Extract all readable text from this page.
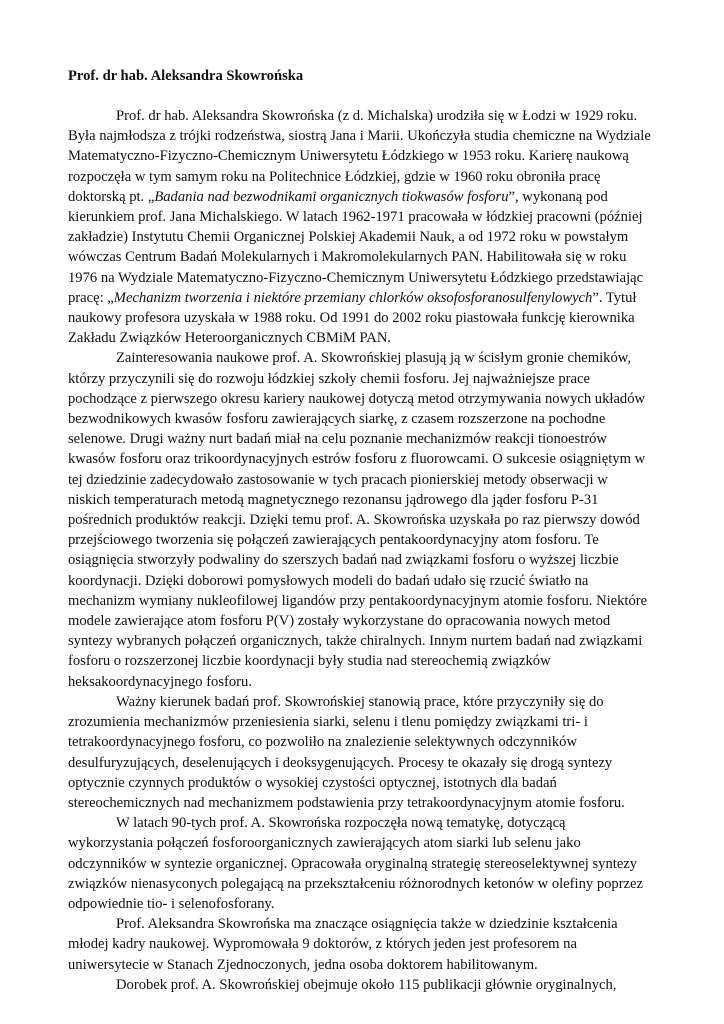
Prof. dr hab. Aleksandra Skowrońska

Prof. dr hab. Aleksandra Skowrońska (z d. Michalska) urodziła się w Łodzi w 1929 roku. Była najmłodsza z trójki rodzeństwa, siostrą Jana i Marii. Ukończyła studia chemiczne na Wydziale Matematyczno-Fizyczno-Chemicznym Uniwersytetu Łódzkiego w 1953 roku. Karierę naukową rozpoczęła w tym samym roku na Politechnice Łódzkiej, gdzie w 1960 roku obroniła pracę doktorską pt. „Badania nad bezwodnikami organicznych tiokwasów fosforu”, wykonaną pod kierunkiem prof. Jana Michalskiego. W latach 1962-1971 pracowała w łódzkiej pracowni (później zakładzie) Instytutu Chemii Organicznej Polskiej Akademii Nauk, a od 1972 roku w powstałym wówczas Centrum Badań Molekularnych i Makromolekularnych PAN. Habilitowała się w roku 1976 na Wydziale Matematyczno-Fizyczno-Chemicznym Uniwersytetu Łódzkiego przedstawiając pracę: „Mechanizm tworzenia i niektóre przemiany chlorków oksofosforanosulfenylowych”. Tytuł naukowy profesora uzyskała w 1988 roku. Od 1991 do 2002 roku piastowała funkcję kierownika Zakładu Związków Heteroorganicznych CBMiM PAN.

Zainteresowania naukowe prof. A. Skowrońskiej plasują ją w ścisłym gronie chemików, którzy przyczynili się do rozwoju łódzkiej szkoły chemii fosforu. Jej najważniejsze prace pochodzące z pierwszego okresu kariery naukowej dotyczą metod otrzymywania nowych układów bezwodnikowych kwasów fosforu zawierających siarkę, z czasem rozszerzone na pochodne selenowe. Drugi ważny nurt badań miał na celu poznanie mechanizmów reakcji tionoestrów kwasów fosforu oraz trikoordynacyjnych estrów fosforu z fluorowcami. O sukcesie osiągniętym w tej dziedzinie zadecydowało zastosowanie w tych pracach pionierskiej metody obserwacji w niskich temperaturach metodą magnetycznego rezonansu jądrowego dla jąder fosforu P-31 pośrednich produktów reakcji. Dzięki temu prof. A. Skowrońska uzyskała po raz pierwszy dowód przejściowego tworzenia się połączeń zawierających pentakoordynacyjny atom fosforu. Te osiągnięcia stworzyły podwaliny do szerszych badań nad związkami fosforu o wyższej liczbie koordynacji. Dzięki doborowi pomysłowych modeli do badań udało się rzucić światło na mechanizm wymiany nukleofilowej ligandów przy pentakoordynacyjnym atomie fosforu. Niektóre modele zawierające atom fosforu P(V) zostały wykorzystane do opracowania nowych metod syntezy wybranych połączeń organicznych, także chiralnych. Innym nurtem badań nad związkami fosforu o rozszerzonej liczbie koordynacji były studia nad stereochemią związków heksakoordynacyjnego fosforu.

Ważny kierunek badań prof. Skowrońskiej stanowią prace, które przyczyniły się do zrozumienia mechanizmów przeniesienia siarki, selenu i tlenu pomiędzy związkami tri- i tetrakoordynacyjnego fosforu, co pozwoliło na znalezienie selektywnych odczynników desulfuryzujących, deselenujących i deoksygenujących. Procesy te okazały się drogą syntezy optycznie czynnych produktów o wysokiej czystości optycznej, istotnych dla badań stereochemicznych nad mechanizmem podstawienia przy tetrakoordynacyjnym atomie fosforu.

W latach 90-tych prof. A. Skowrońska rozpoczęła nową tematykę, dotyczącą wykorzystania połączeń fosforoorganicznych zawierających atom siarki lub selenu jako odczynników w syntezie organicznej. Opracowała oryginalną strategię stereoselektywnej syntezy związków nienasyconych polegającą na przekształceniu różnorodnych ketonów w olefiny poprzez odpowiednie tio- i selenofosforany.

Prof. Aleksandra Skowrońska ma znaczące osiągnięcia także w dziedzinie kształcenia młodej kadry naukowej. Wypromowała 9 doktorów, z których jeden jest profesorem na uniwersytecie w Stanach Zjednoczonych, jedna osoba doktorem habilitowanym.

Dorobek prof. A. Skowrońskiej obejmuje około 115 publikacji głównie oryginalnych,
